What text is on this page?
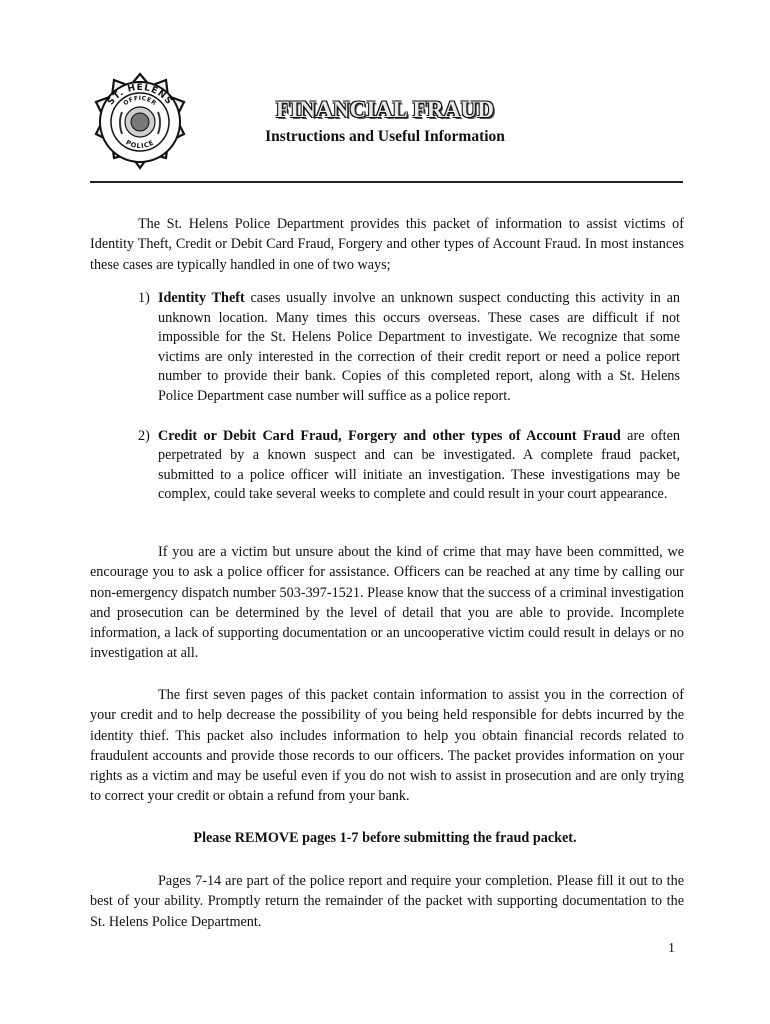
ST. HELENS
OFFICER
POLICE
FINANCIAL FRAUD
Instructions and Useful Information
The St. Helens Police Department provides this packet of information to assist victims of Identity Theft, Credit or Debit Card Fraud, Forgery and other types of Account Fraud. In most instances these cases are typically handled in one of two ways;
1) Identity Theft cases usually involve an unknown suspect conducting this activity in an unknown location. Many times this occurs overseas. These cases are difficult if not impossible for the St. Helens Police Department to investigate. We recognize that some victims are only interested in the correction of their credit report or need a police report number to provide their bank. Copies of this completed report, along with a St. Helens Police Department case number will suffice as a police report.
2) Credit or Debit Card Fraud, Forgery and other types of Account Fraud are often perpetrated by a known suspect and can be investigated. A complete fraud packet, submitted to a police officer will initiate an investigation. These investigations may be complex, could take several weeks to complete and could result in your court appearance.
If you are a victim but unsure about the kind of crime that may have been committed, we encourage you to ask a police officer for assistance. Officers can be reached at any time by calling our non-emergency dispatch number 503-397-1521. Please know that the success of a criminal investigation and prosecution can be determined by the level of detail that you are able to provide. Incomplete information, a lack of supporting documentation or an uncooperative victim could result in delays or no investigation at all.
The first seven pages of this packet contain information to assist you in the correction of your credit and to help decrease the possibility of you being held responsible for debts incurred by the identity thief. This packet also includes information to help you obtain financial records related to fraudulent accounts and provide those records to our officers. The packet provides information on your rights as a victim and may be useful even if you do not wish to assist in prosecution and are only trying to correct your credit or obtain a refund from your bank.
Please REMOVE pages 1-7 before submitting the fraud packet.
Pages 7-14 are part of the police report and require your completion. Please fill it out to the best of your ability. Promptly return the remainder of the packet with supporting documentation to the St. Helens Police Department.
1
